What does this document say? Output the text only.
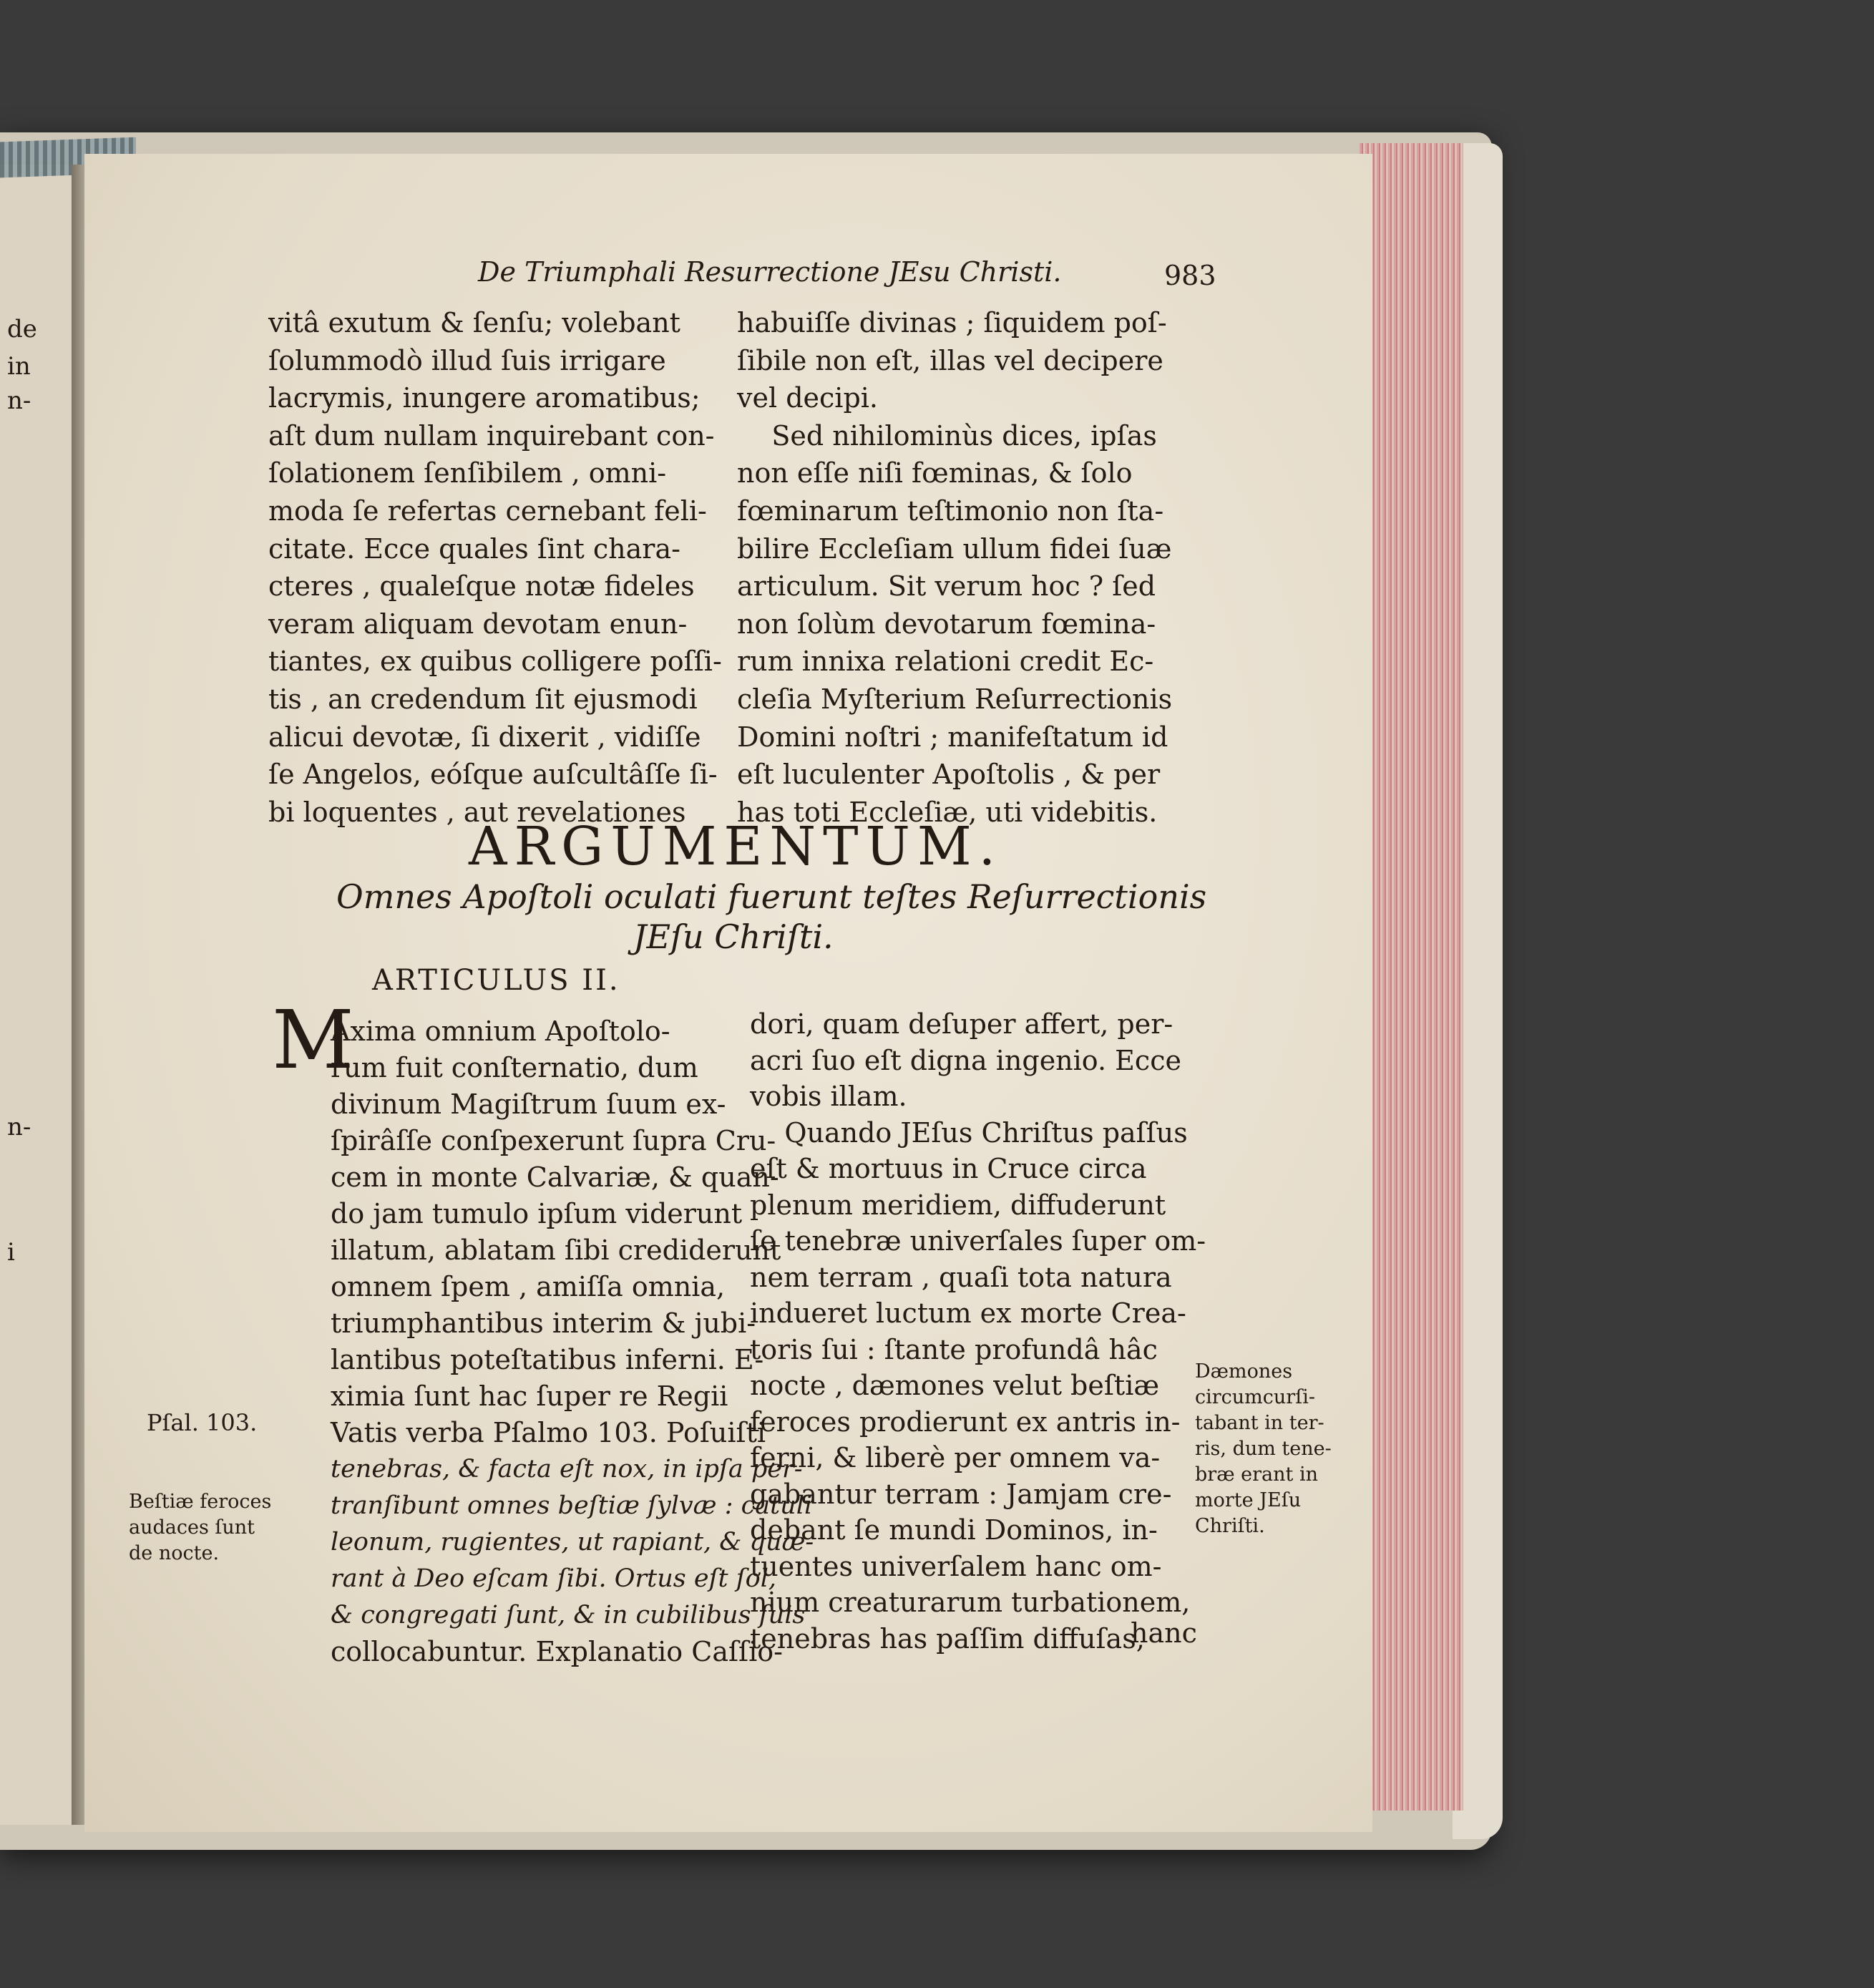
de
in
n-
n-
i
De Triumphali Resurrectione JEsu Christi.	983
vitâ exutum & ſenſu; volebant
ſolummodò illud ſuis irrigare
lacrymis, inungere aromatibus;
aſt dum nullam inquirebant con-
ſolationem ſenſibilem , omni-
moda ſe refertas cernebant feli-
citate. Ecce quales ſint chara-
cteres , qualeſque notæ fideles
veram aliquam devotam enun-
tiantes, ex quibus colligere poſſi-
tis , an credendum ſit ejusmodi
alicui devotæ, ſi dixerit , vidiſſe
ſe Angelos, eóſque auſcultâſſe ſi-
bi loquentes , aut revelationes
habuiſſe divinas ; ſiquidem poſ-
ſibile non eſt, illas vel decipere
vel decipi.
Sed nihilominùs dices, ipſas
non eſſe niſi fœminas, & ſolo
fœminarum teſtimonio non ſta-
bilire Eccleſiam ullum fidei ſuæ
articulum. Sit verum hoc ? ſed
non ſolùm devotarum fœmina-
rum innixa relationi credit Ec-
cleſia Myſterium Reſurrectionis
Domini noſtri ; manifeſtatum id
eſt luculenter Apoſtolis , & per
has toti Eccleſiæ, uti videbitis.
ARGUMENTUM.
Omnes Apoſtoli oculati fuerunt teſtes Reſurrectionis
JEſu Chriſti.
ARTICULUS II.
M
Axima omnium Apoſtolo-
rum fuit conſternatio, dum
divinum Magiſtrum ſuum ex-
ſpirâſſe conſpexerunt ſupra Cru-
cem in monte Calvariæ, & quan-
do jam tumulo ipſum viderunt
illatum, ablatam ſibi crediderunt
omnem ſpem , amiſſa omnia,
triumphantibus interim & jubi-
lantibus poteſtatibus inferni. E-
ximia ſunt hac ſuper re Regii
Vatis verba Pſalmo 103. Poſuiſti
tenebras, & facta eſt nox, in ipſa per-
tranſibunt omnes beſtiæ ſylvæ : catuli
leonum, rugientes, ut rapiant, & quæ-
rant à Deo eſcam ſibi. Ortus eſt ſol,
& congregati ſunt, & in cubilibus ſuis
collocabuntur. Explanatio Caſſio-
dori, quam deſuper affert, per-
acri ſuo eſt digna ingenio. Ecce
vobis illam.
Quando JEſus Chriſtus paſſus
eſt & mortuus in Cruce circa
plenum meridiem, diffuderunt
ſe tenebræ univerſales ſuper om-
nem terram , quaſi tota natura
indueret luctum ex morte Crea-
toris ſui : ſtante profundâ hâc
nocte , dæmones velut beſtiæ
feroces prodierunt ex antris in-
ferni, & liberè per omnem va-
gabantur terram : Jamjam cre-
debant ſe mundi Dominos, in-
tuentes univerſalem hanc om-
nium creaturarum turbationem,
tenebras has paſſim diffuſas,
hanc
Pſal. 103.
Beſtiæ feroces
audaces ſunt
de nocte.
Dæmones
circumcurſi-
tabant in ter-
ris, dum tene-
bræ erant in
morte JEſu
Chriſti.
